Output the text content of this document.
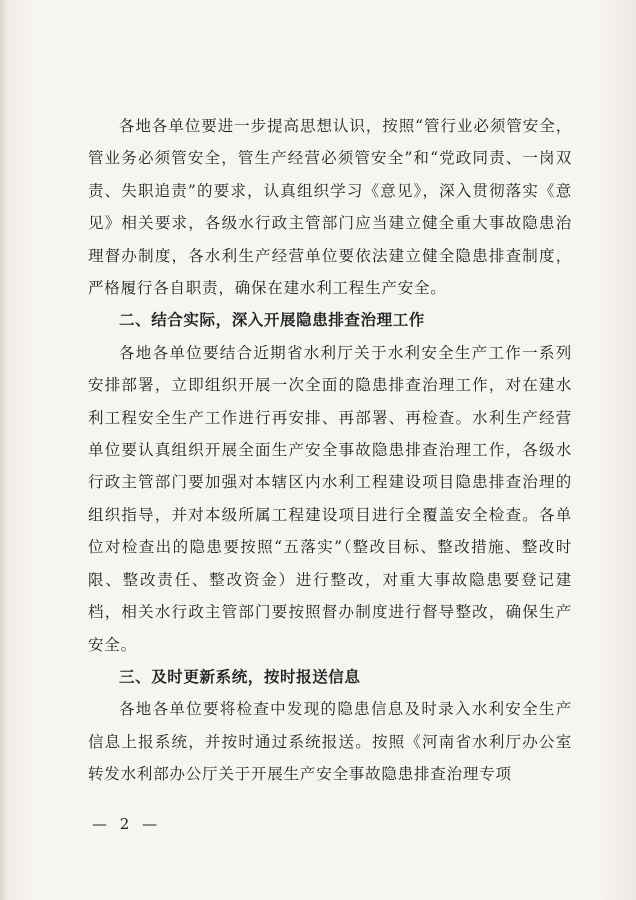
各地各单位要进一步提高思想认识，按照“管行业必须管安全，管业务必须管安全，管生产经营必须管安全”和“党政同责、一岗双责、失职追责”的要求，认真组织学习《意见》，深入贯彻落实《意见》相关要求，各级水行政主管部门应当建立健全重大事故隐患治理督办制度，各水利生产经营单位要依法建立健全隐患排查制度，严格履行各自职责，确保在建水利工程生产安全。

二、结合实际，深入开展隐患排查治理工作

各地各单位要结合近期省水利厅关于水利安全生产工作一系列安排部署，立即组织开展一次全面的隐患排查治理工作，对在建水利工程安全生产工作进行再安排、再部署、再检查。水利生产经营单位要认真组织开展全面生产安全事故隐患排查治理工作，各级水行政主管部门要加强对本辖区内水利工程建设项目隐患排查治理的组织指导，并对本级所属工程建设项目进行全覆盖安全检查。各单位对检查出的隐患要按照“五落实”（整改目标、整改措施、整改时限、整改责任、整改资金）进行整改，对重大事故隐患要登记建档，相关水行政主管部门要按照督办制度进行督导整改，确保生产安全。

三、及时更新系统，按时报送信息

各地各单位要将检查中发现的隐患信息及时录入水利安全生产信息上报系统，并按时通过系统报送。按照《河南省水利厅办公室转发水利部办公厅关于开展生产安全事故隐患排查治理专项

— 2 —
